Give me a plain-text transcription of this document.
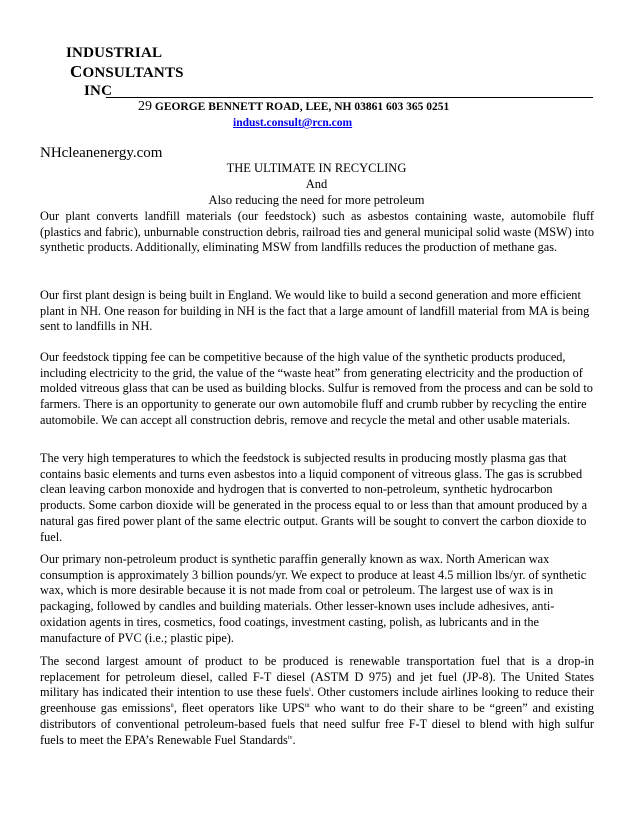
INDUSTRIAL
CONSULTANTS
INC
29 GEORGE BENNETT ROAD, LEE, NH 03861 603 365 0251
indust.consult@rcn.com
NHcleanenergy.com
THE ULTIMATE IN RECYCLING
And
Also reducing the need for more petroleum

Our plant converts landfill materials (our feedstock) such as asbestos containing waste, automobile fluff (plastics and fabric), unburnable construction debris, railroad ties and general municipal solid waste (MSW) into synthetic products. Additionally, eliminating MSW from landfills reduces the production of methane gas.

Our first plant design is being built in England. We would like to build a second generation and more efficient plant in NH. One reason for building in NH is the fact that a large amount of landfill material from MA is being sent to landfills in NH.

Our feedstock tipping fee can be competitive because of the high value of the synthetic products produced, including electricity to the grid, the value of the “waste heat” from generating electricity and the production of molded vitreous glass that can be used as building blocks. Sulfur is removed from the process and can be sold to farmers. There is an opportunity to generate our own automobile fluff and crumb rubber by recycling the entire automobile. We can accept all construction debris, remove and recycle the metal and other usable materials.

The very high temperatures to which the feedstock is subjected results in producing mostly plasma gas that contains basic elements and turns even asbestos into a liquid component of vitreous glass. The gas is scrubbed clean leaving carbon monoxide and hydrogen that is converted to non-petroleum, synthetic hydrocarbon products. Some carbon dioxide will be generated in the process equal to or less than that amount produced by a natural gas fired power plant of the same electric output. Grants will be sought to convert the carbon dioxide to fuel.

Our primary non-petroleum product is synthetic paraffin generally known as wax. North American wax consumption is approximately 3 billion pounds/yr. We expect to produce at least 4.5 million lbs/yr. of synthetic wax, which is more desirable because it is not made from coal or petroleum. The largest use of wax is in packaging, followed by candles and building materials. Other lesser-known uses include adhesives, anti-oxidation agents in tires, cosmetics, food coatings, investment casting, polish, as lubricants and in the manufacture of PVC (i.e.; plastic pipe).

The second largest amount of product to be produced is renewable transportation fuel that is a drop-in replacement for petroleum diesel, called F-T diesel (ASTM D 975) and jet fuel (JP-8). The United States military has indicated their intention to use these fuels$^i$. Other customers include airlines looking to reduce their greenhouse gas emissions$^{ii}$, fleet operators like UPS$^{iii}$ who want to do their share to be “green” and existing distributors of conventional petroleum-based fuels that need sulfur free F-T diesel to blend with high sulfur fuels to meet the EPA’s Renewable Fuel Standards$^{iv}$.
